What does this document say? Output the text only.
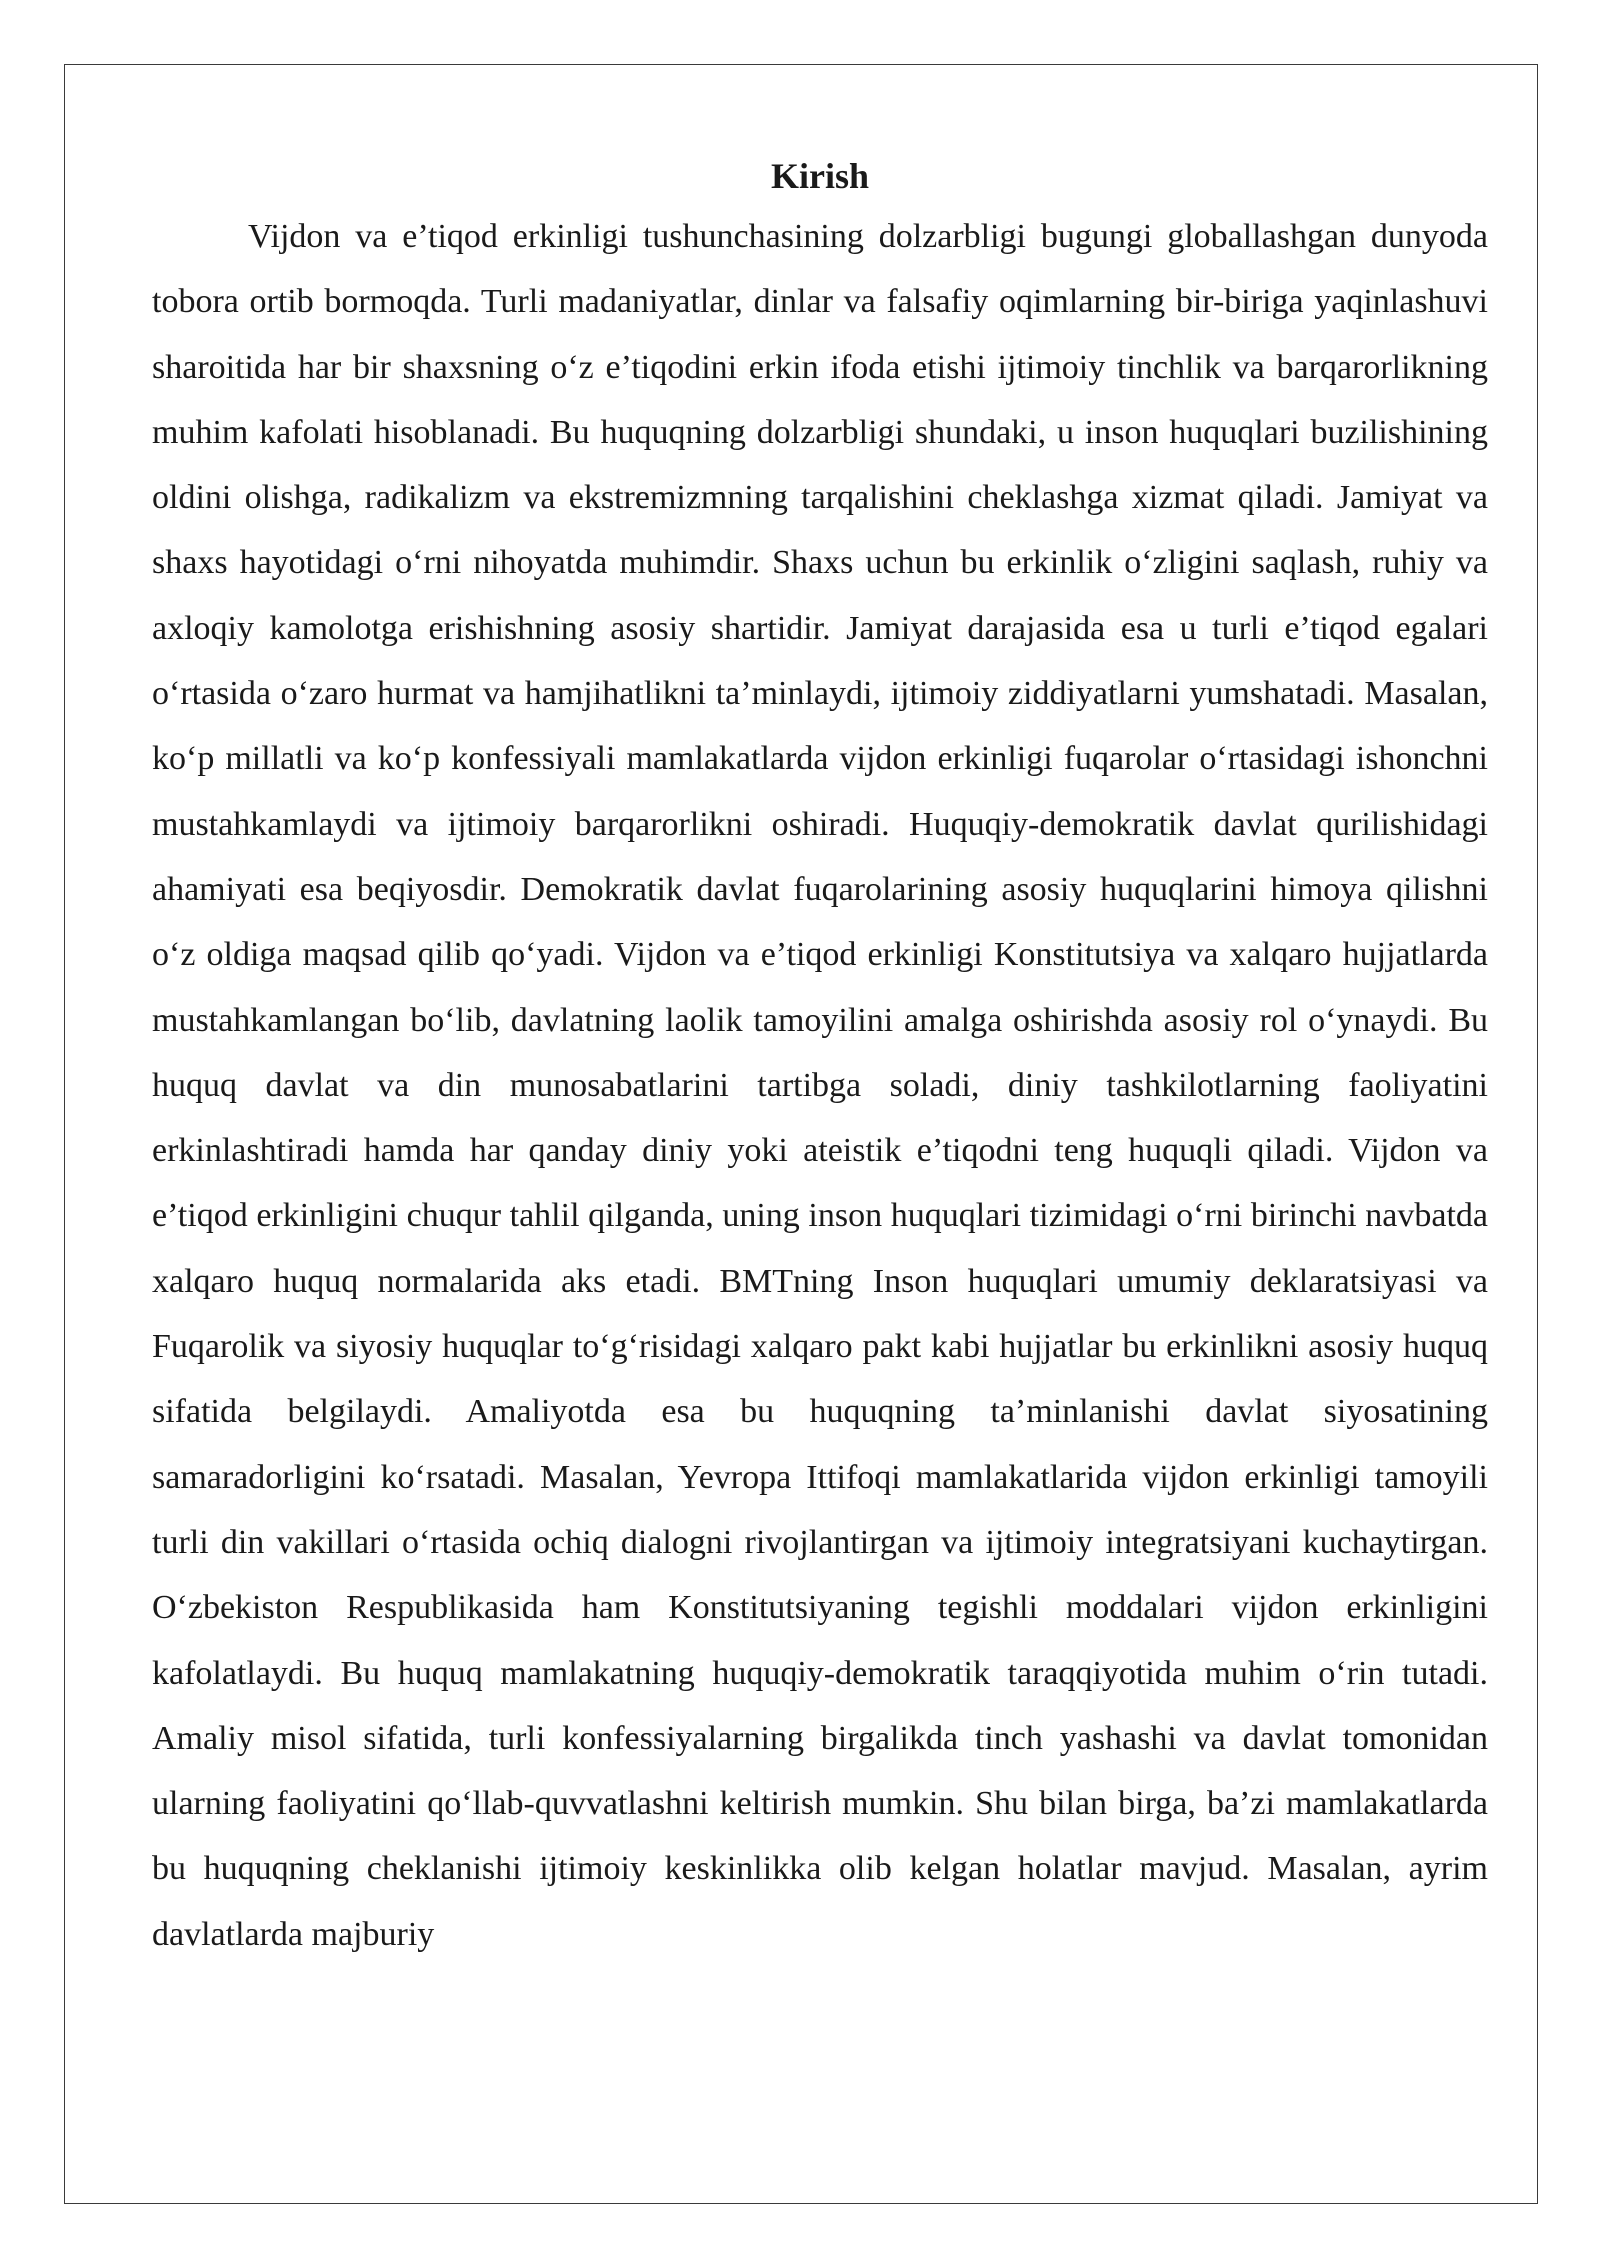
Kirish

Vijdon va e’tiqod erkinligi tushunchasining dolzarbligi bugungi globallashgan dunyoda tobora ortib bormoqda. Turli madaniyatlar, dinlar va falsafiy oqimlarning bir-biriga yaqinlashuvi sharoitida har bir shaxsning o‘z e’tiqodini erkin ifoda etishi ijtimoiy tinchlik va barqarorlikning muhim kafolati hisoblanadi. Bu huquqning dolzarbligi shundaki, u inson huquqlari buzilishining oldini olishga, radikalizm va ekstremizmning tarqalishini cheklashga xizmat qiladi. Jamiyat va shaxs hayotidagi o‘rni nihoyatda muhimdir. Shaxs uchun bu erkinlik o‘zligini saqlash, ruhiy va axloqiy kamolotga erishishning asosiy shartidir. Jamiyat darajasida esa u turli e’tiqod egalari o‘rtasida o‘zaro hurmat va hamjihatlikni ta’minlaydi, ijtimoiy ziddiyatlarni yumshatadi. Masalan, ko‘p millatli va ko‘p konfessiyali mamlakatlarda vijdon erkinligi fuqarolar o‘rtasidagi ishonchni mustahkamlaydi va ijtimoiy barqarorlikni oshiradi. Huquqiy-demokratik davlat qurilishidagi ahamiyati esa beqiyosdir. Demokratik davlat fuqarolarining asosiy huquqlarini himoya qilishni o‘z oldiga maqsad qilib qo‘yadi. Vijdon va e’tiqod erkinligi Konstitutsiya va xalqaro hujjatlarda mustahkamlangan bo‘lib, davlatning laolik tamoyilini amalga oshirishda asosiy rol o‘ynaydi. Bu huquq davlat va din munosabatlarini tartibga soladi, diniy tashkilotlarning faoliyatini erkinlashtiradi hamda har qanday diniy yoki ateistik e’tiqodni teng huquqli qiladi. Vijdon va e’tiqod erkinligini chuqur tahlil qilganda, uning inson huquqlari tizimidagi o‘rni birinchi navbatda xalqaro huquq normalarida aks etadi. BMTning Inson huquqlari umumiy deklaratsiyasi va Fuqarolik va siyosiy huquqlar to‘g‘risidagi xalqaro pakt kabi hujjatlar bu erkinlikni asosiy huquq sifatida belgilaydi. Amaliyotda esa bu huquqning ta’minlanishi davlat siyosatining samaradorligini ko‘rsatadi. Masalan, Yevropa Ittifoqi mamlakatlarida vijdon erkinligi tamoyili turli din vakillari o‘rtasida ochiq dialogni rivojlantirgan va ijtimoiy integratsiyani kuchaytirgan. O‘zbekiston Respublikasida ham Konstitutsiyaning tegishli moddalari vijdon erkinligini kafolatlaydi. Bu huquq mamlakatning huquqiy-demokratik taraqqiyotida muhim o‘rin tutadi. Amaliy misol sifatida, turli konfessiyalarning birgalikda tinch yashashi va davlat tomonidan ularning faoliyatini qo‘llab-quvvatlashni keltirish mumkin. Shu bilan birga, ba’zi mamlakatlarda bu huquqning cheklanishi ijtimoiy keskinlikka olib kelgan holatlar mavjud. Masalan, ayrim davlatlarda majburiy
